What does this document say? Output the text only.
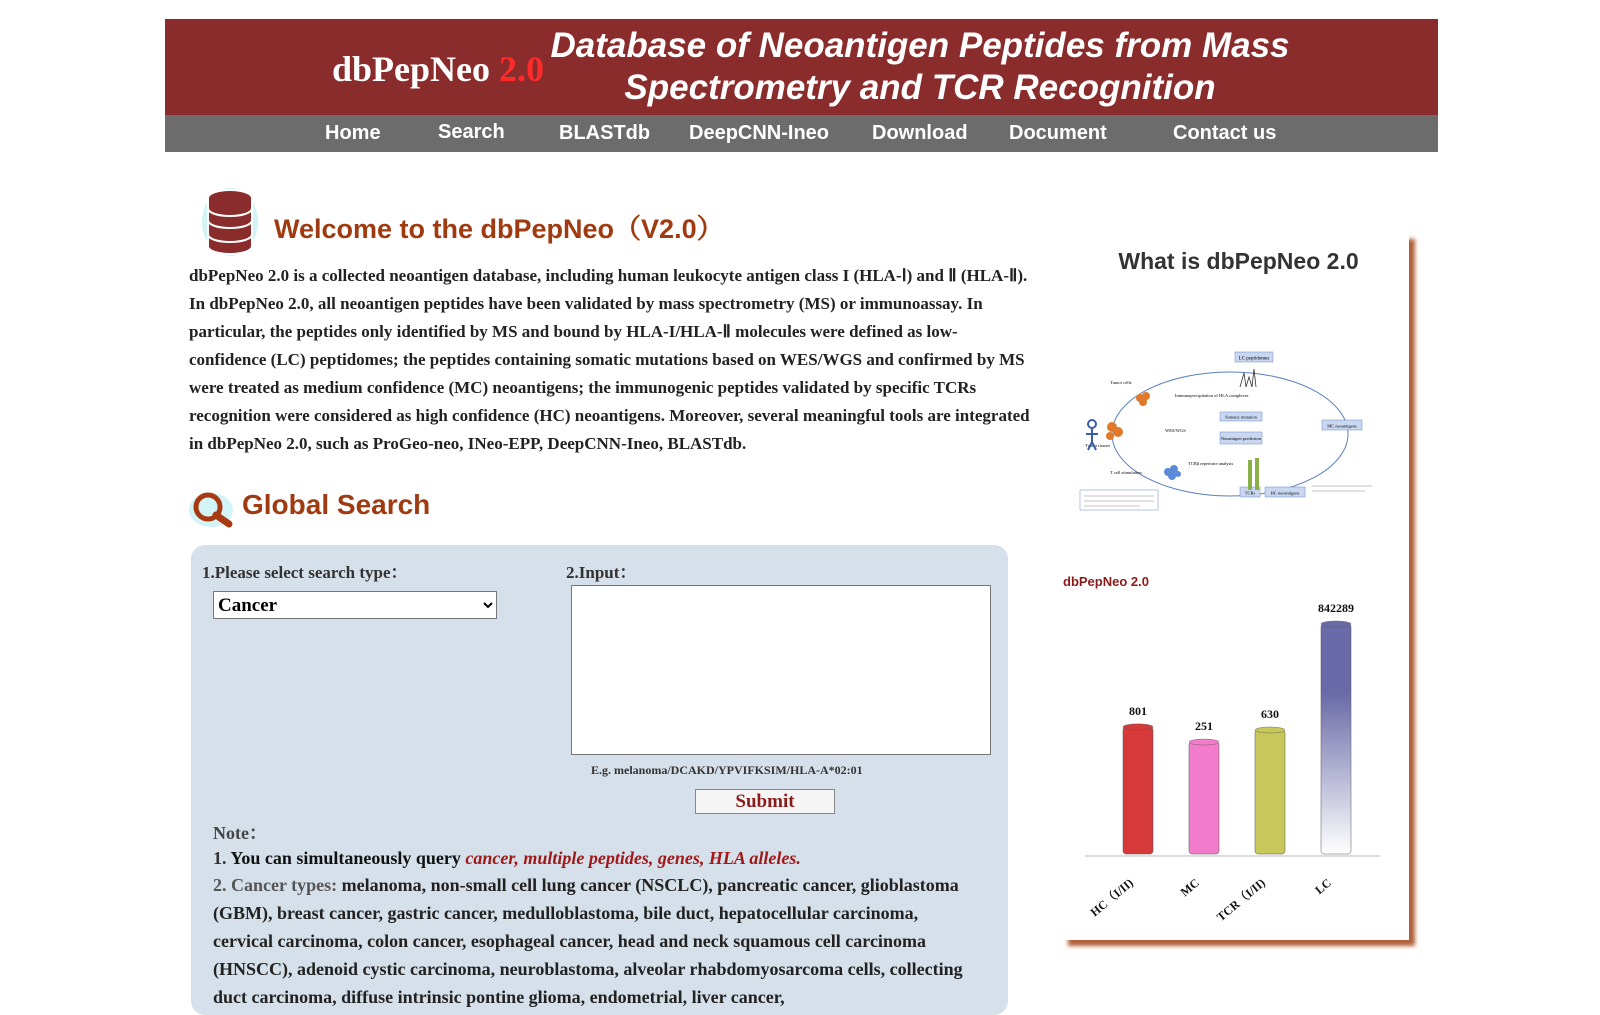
dbPepNeo 2.0
Database of Neoantigen Peptides from Mass
Spectrometry and TCR Recognition
Home	Search	BLASTdb DeepCNN-Ineo Download Document	Contact us
Welcome to the dbPepNeo（V2.0）
dbPepNeo 2.0 is a collected neoantigen database, including human leukocyte antigen class I (HLA-Ⅰ) and Ⅱ (HLA-Ⅱ). In dbPepNeo 2.0, all neoantigen peptides have been validated by mass spectrometry (MS) or immunoassay. In particular, the peptides only identified by MS and bound by HLA-I/HLA-Ⅱ molecules were defined as low-confidence (LC) peptidomes; the peptides containing somatic mutations based on WES/WGS and confirmed by MS were treated as medium confidence (MC) neoantigens; the immunogenic peptides validated by specific TCRs recognition were considered as high confidence (HC) neoantigens. Moreover, several meaningful tools are integrated in dbPepNeo 2.0, such as ProGeo-neo, INeo-EPP, DeepCNN-Ineo, BLASTdb.
Global Search
1.Please select search type：
Cancer	2.Input：
E.g. melanoma/DCAKD/YPVIFKSIM/HLA-A*02:01
Submit
Note：
1. You can simultaneously query cancer, multiple peptides, genes, HLA alleles.
2. Cancer types: melanoma, non-small cell lung cancer (NSCLC), pancreatic cancer, glioblastoma (GBM), breast cancer, gastric cancer, medulloblastoma, bile duct, hepatocellular carcinoma, cervical carcinoma, colon cancer, esophageal cancer, head and neck squamous cell carcinoma (HNSCC), adenoid cystic carcinoma, neuroblastoma, alveolar rhabdomyosarcoma cells, collecting duct carcinoma, diffuse intrinsic pontine glioma, endometrial, liver cancer,
What is dbPepNeo 2.0
LC peptidomes
MC neoantigens
HC neoantigens
TCRs
Tumor cells
Immunoprecipitation of HLA complexes
Somatic mutation
Neoantigen prediction
WES/WGS
TCRβ repertoire analysis
Tumor tissues
T cell stimulation
dbPepNeo 2.0
801
251
630
842289
HC（I/II)	MC TCR（I/II)	LC
